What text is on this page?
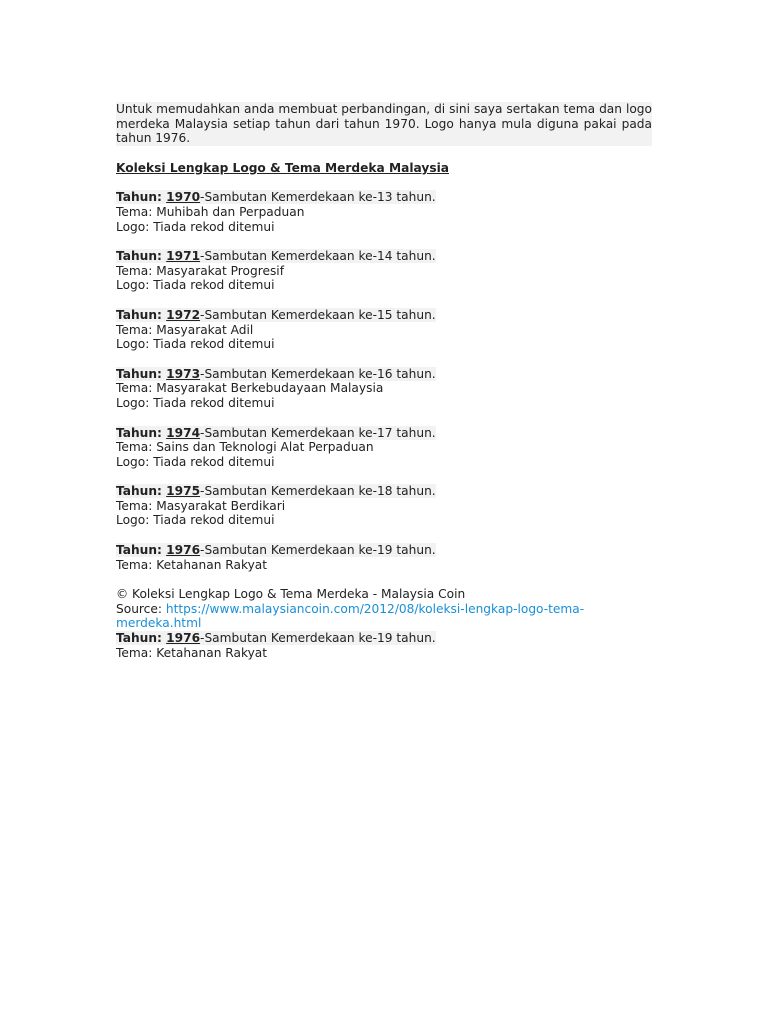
Untuk memudahkan anda membuat perbandingan, di sini saya sertakan tema dan logo merdeka Malaysia setiap tahun dari tahun 1970. Logo hanya mula diguna pakai pada tahun 1976.

Koleksi Lengkap Logo & Tema Merdeka Malaysia
Tahun: 1970-Sambutan Kemerdekaan ke-13 tahun.
Tema: Muhibah dan Perpaduan
Logo: Tiada rekod ditemui
Tahun: 1971-Sambutan Kemerdekaan ke-14 tahun.
Tema: Masyarakat Progresif
Logo: Tiada rekod ditemui
Tahun: 1972-Sambutan Kemerdekaan ke-15 tahun.
Tema: Masyarakat Adil
Logo: Tiada rekod ditemui
Tahun: 1973-Sambutan Kemerdekaan ke-16 tahun.
Tema: Masyarakat Berkebudayaan Malaysia
Logo: Tiada rekod ditemui
Tahun: 1974-Sambutan Kemerdekaan ke-17 tahun.
Tema: Sains dan Teknologi Alat Perpaduan
Logo: Tiada rekod ditemui
Tahun: 1975-Sambutan Kemerdekaan ke-18 tahun.
Tema: Masyarakat Berdikari
Logo: Tiada rekod ditemui
Tahun: 1976-Sambutan Kemerdekaan ke-19 tahun.
Tema: Ketahanan Rakyat
© Koleksi Lengkap Logo & Tema Merdeka - Malaysia Coin
Source: https://www.malaysiancoin.com/2012/08/koleksi-lengkap-logo-tema-
merdeka.html
Tahun: 1976-Sambutan Kemerdekaan ke-19 tahun.
Tema: Ketahanan Rakyat
